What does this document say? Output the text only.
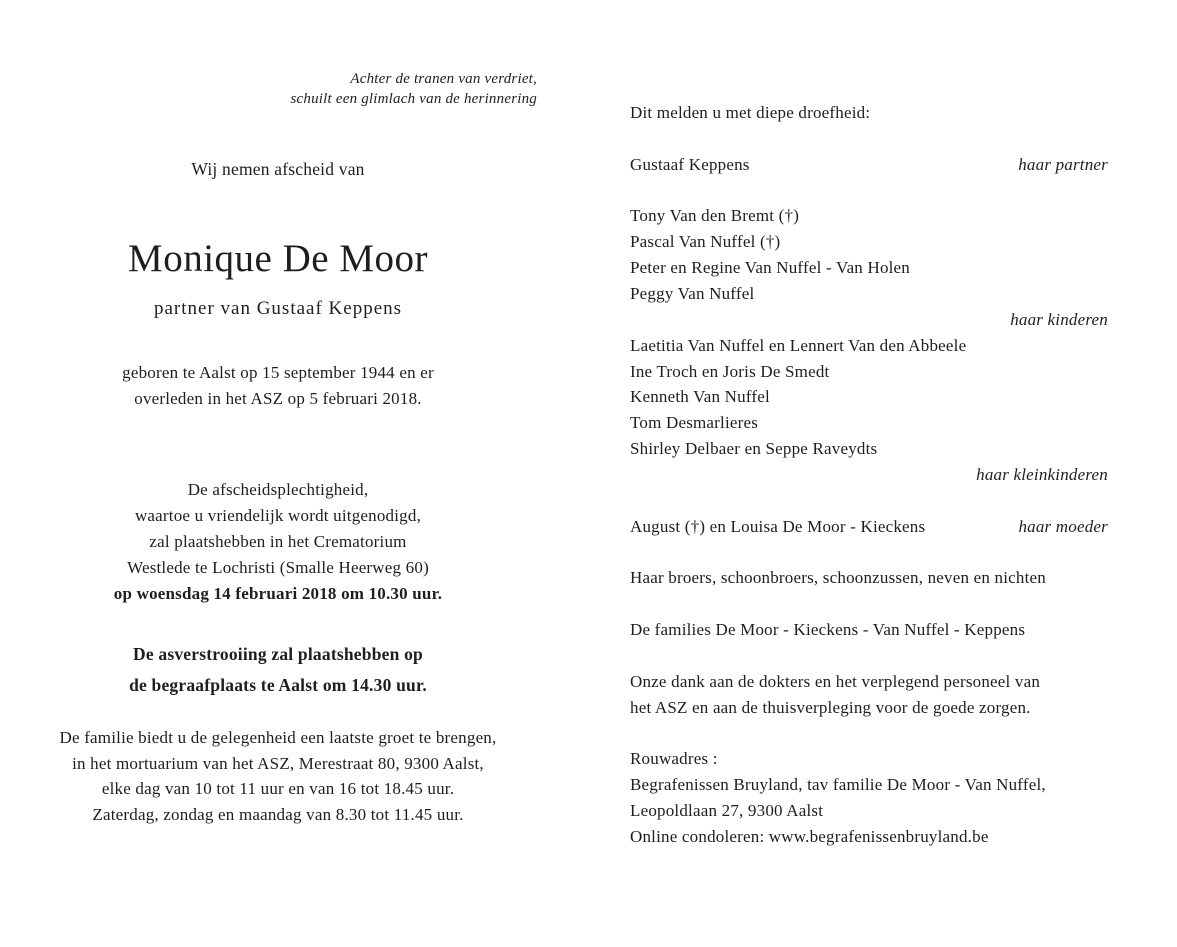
Achter de tranen van verdriet,
schuilt een glimlach van de herinnering
Wij nemen afscheid van
Monique De Moor
partner van Gustaaf Keppens
geboren te Aalst op 15 september 1944 en er
overleden in het ASZ op 5 februari 2018.
De afscheidsplechtigheid,
waartoe u vriendelijk wordt uitgenodigd,
zal plaatshebben in het Crematorium
Westlede te Lochristi (Smalle Heerweg 60)
op woensdag 14 februari 2018 om 10.30 uur.
De asverstrooiing zal plaatshebben op
de begraafplaats te Aalst om 14.30 uur.
De familie biedt u de gelegenheid een laatste groet te brengen,
in het mortuarium van het ASZ, Merestraat 80, 9300 Aalst,
elke dag van 10 tot 11 uur en van 16 tot 18.45 uur.
Zaterdag, zondag en maandag van 8.30 tot 11.45 uur.
Dit melden u met diepe droefheid:
Gustaaf Keppens	haar partner
Tony Van den Bremt (†)
Pascal Van Nuffel (†)
Peter en Regine Van Nuffel - Van Holen
Peggy Van Nuffel
haar kinderen
Laetitia Van Nuffel en Lennert Van den Abbeele
Ine Troch en Joris De Smedt
Kenneth Van Nuffel
Tom Desmarlieres
Shirley Delbaer en Seppe Raveydts
haar kleinkinderen
August (†) en Louisa De Moor - Kieckens	haar moeder
Haar broers, schoonbroers, schoonzussen, neven en nichten
De families De Moor - Kieckens - Van Nuffel - Keppens
Onze dank aan de dokters en het verplegend personeel van
het ASZ en aan de thuisverpleging voor de goede zorgen.
Rouwadres :
Begrafenissen Bruyland, tav familie De Moor - Van Nuffel,
Leopoldlaan 27, 9300 Aalst
Online condoleren: www.begrafenissenbruyland.be
